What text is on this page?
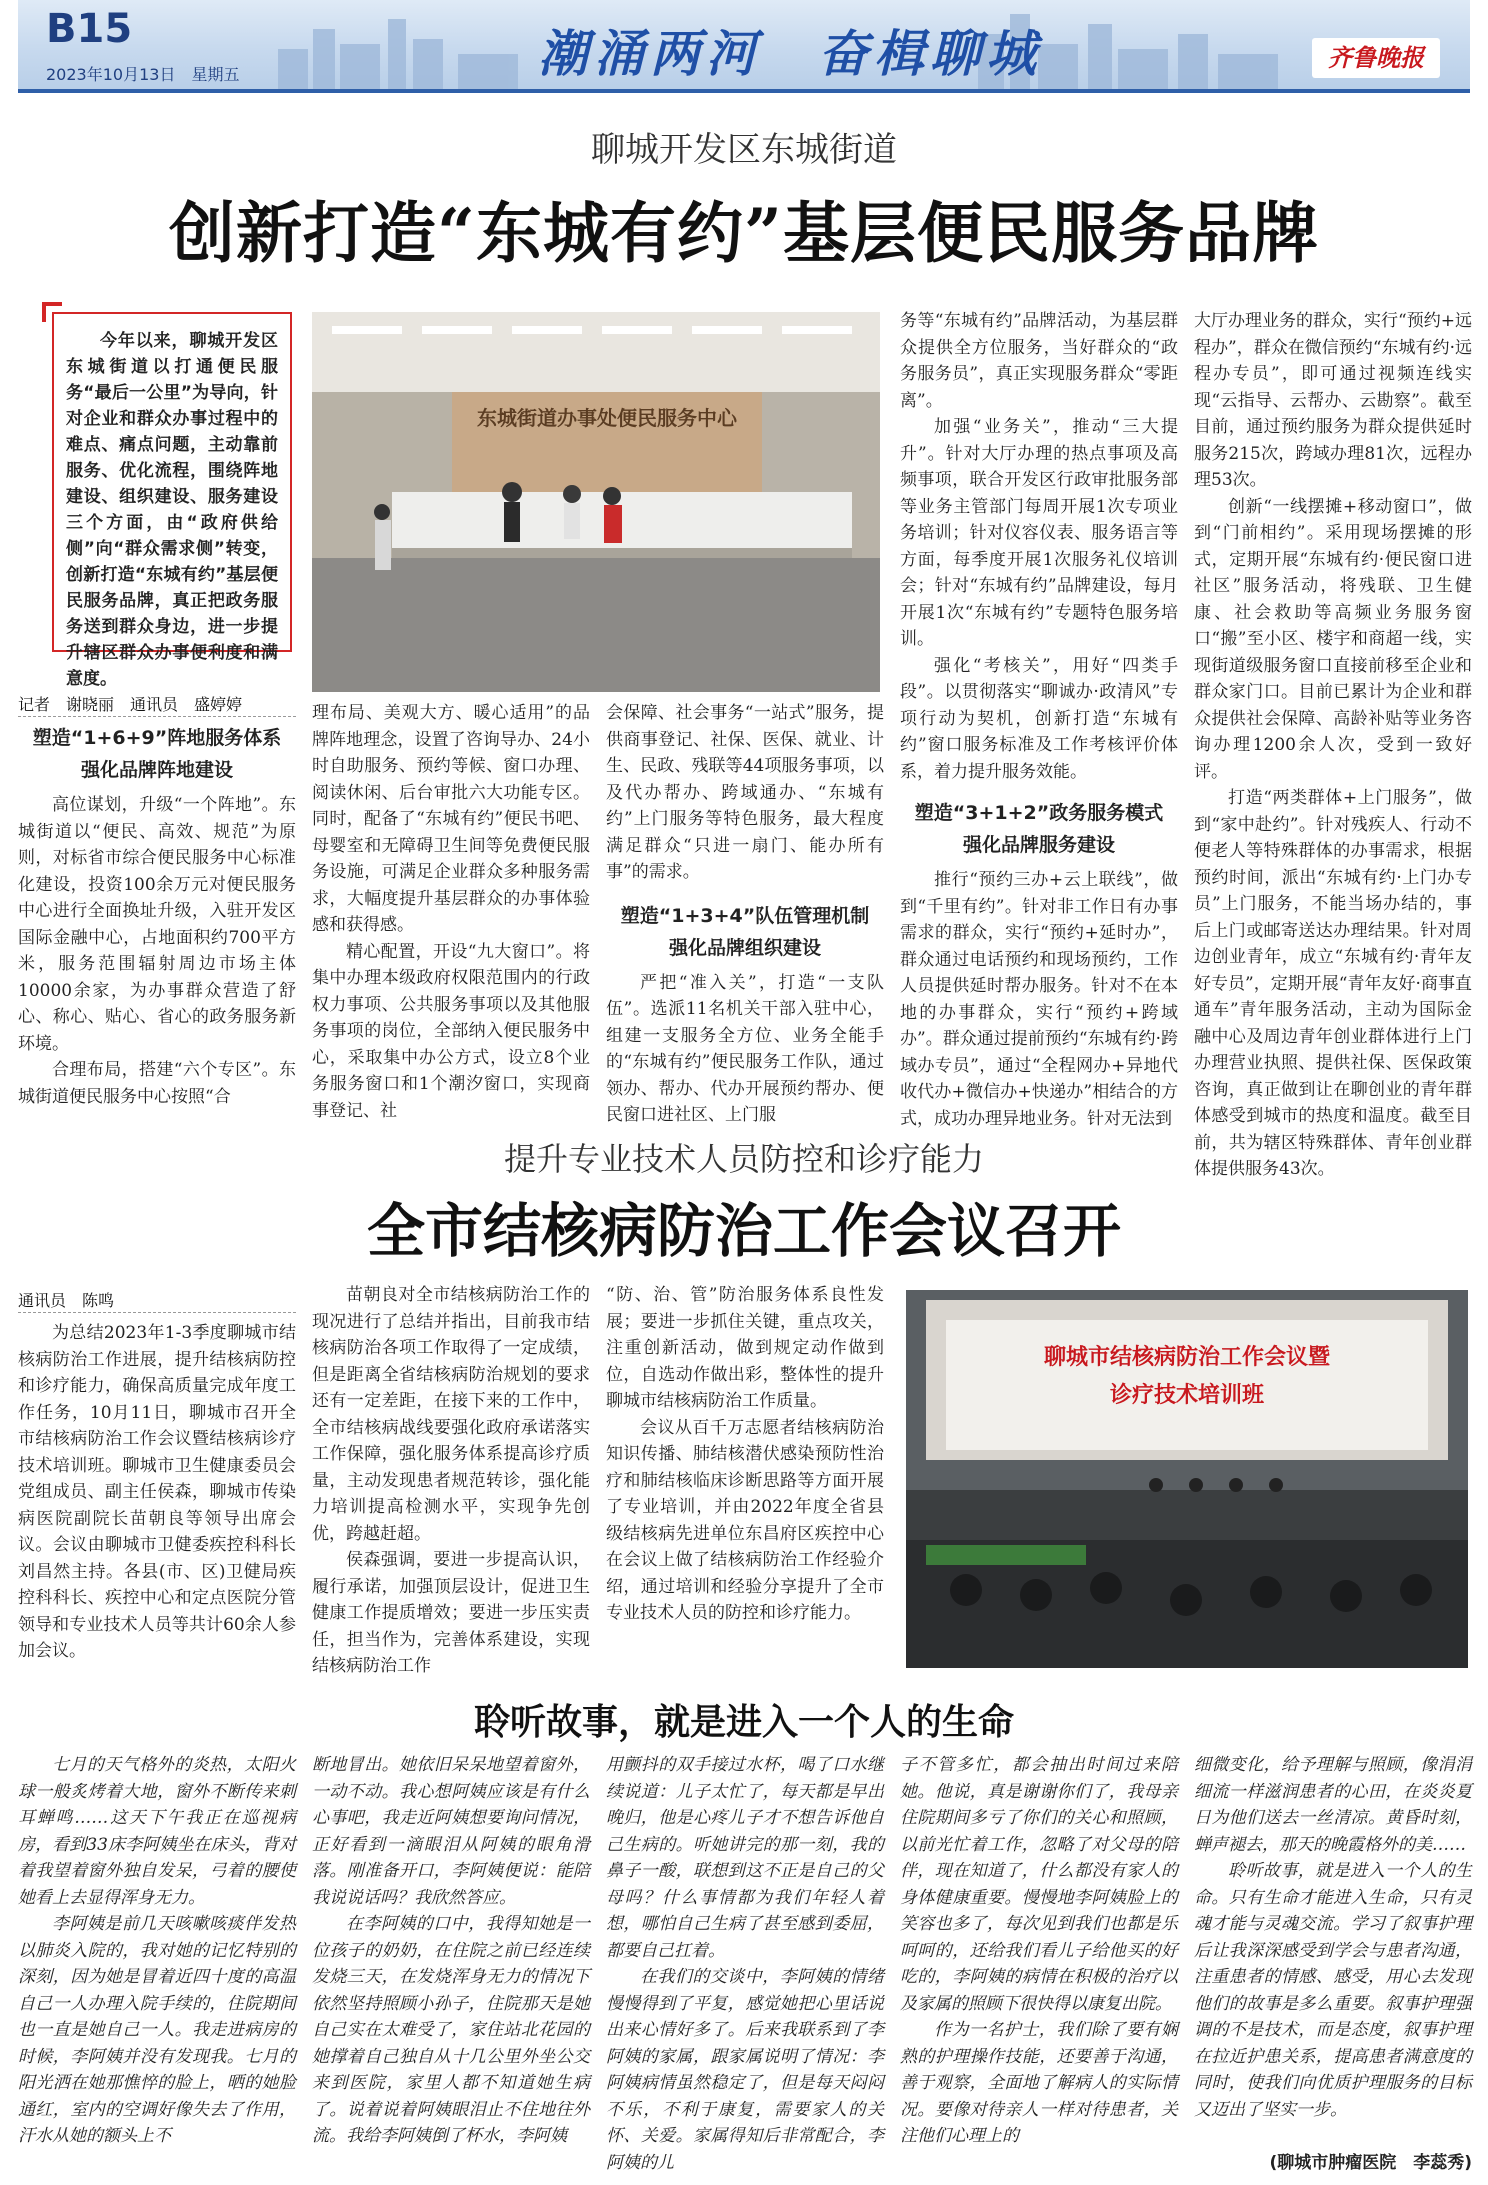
B15
2023年10月13日　星期五	潮涌两河　奋楫聊城	齐鲁晚报
聊城开发区东城街道
创新打造“东城有约”基层便民服务品牌

今年以来，聊城开发区东城街道以打通便民服务“最后一公里”为导向，针对企业和群众办事过程中的难点、痛点问题，主动靠前服务、优化流程，围绕阵地建设、组织建设、服务建设三个方面，由“政府供给侧”向“群众需求侧”转变，创新打造“东城有约”基层便民服务品牌，真正把政务服务送到群众身边，进一步提升辖区群众办事便利度和满意度。

东城街道办事处便民服务中心
记者　谢晓丽　通讯员　盛婷婷
塑造“1+6+9”阵地服务体系
强化品牌阵地建设

高位谋划，升级“一个阵地”。东城街道以“便民、高效、规范”为原则，对标省市综合便民服务中心标准化建设，投资100余万元对便民服务中心进行全面换址升级，入驻开发区国际金融中心，占地面积约700平方米，服务范围辐射周边市场主体10000余家，为办事群众营造了舒心、称心、贴心、省心的政务服务新环境。

合理布局，搭建“六个专区”。东城街道便民服务中心按照“合

理布局、美观大方、暖心适用”的品牌阵地理念，设置了咨询导办、24小时自助服务、预约等候、窗口办理、阅读休闲、后台审批六大功能专区。同时，配备了“东城有约”便民书吧、母婴室和无障碍卫生间等免费便民服务设施，可满足企业群众多种服务需求，大幅度提升基层群众的办事体验感和获得感。

精心配置，开设“九大窗口”。将集中办理本级政府权限范围内的行政权力事项、公共服务事项以及其他服务事项的岗位，全部纳入便民服务中心，采取集中办公方式，设立8个业务服务窗口和1个潮汐窗口，实现商事登记、社

会保障、社会事务“一站式”服务，提供商事登记、社保、医保、就业、计生、民政、残联等44项服务事项，以及代办帮办、跨域通办、“东城有约”上门服务等特色服务，最大程度满足群众“只进一扇门、能办所有事”的需求。

塑造“1+3+4”队伍管理机制
强化品牌组织建设

严把“准入关”，打造“一支队伍”。选派11名机关干部入驻中心，组建一支服务全方位、业务全能手的“东城有约”便民服务工作队，通过领办、帮办、代办开展预约帮办、便民窗口进社区、上门服

务等“东城有约”品牌活动，为基层群众提供全方位服务，当好群众的“政务服务员”，真正实现服务群众“零距离”。

加强“业务关”，推动“三大提升”。针对大厅办理的热点事项及高频事项，联合开发区行政审批服务部等业务主管部门每周开展1次专项业务培训；针对仪容仪表、服务语言等方面，每季度开展1次服务礼仪培训会；针对“东城有约”品牌建设，每月开展1次“东城有约”专题特色服务培训。

强化“考核关”，用好“四类手段”。以贯彻落实“聊诚办·政清风”专项行动为契机，创新打造“东城有约”窗口服务标准及工作考核评价体系，着力提升服务效能。

塑造“3+1+2”政务服务模式
强化品牌服务建设

推行“预约三办+云上联线”，做到“千里有约”。针对非工作日有办事需求的群众，实行“预约+延时办”，群众通过电话预约和现场预约，工作人员提供延时帮办服务。针对不在本地的办事群众，实行“预约+跨域办”。群众通过提前预约“东城有约·跨域办专员”，通过“全程网办+异地代收代办+微信办+快递办”相结合的方式，成功办理异地业务。针对无法到

大厅办理业务的群众，实行“预约+远程办”，群众在微信预约“东城有约·远程办专员”，即可通过视频连线实现“云指导、云帮办、云勘察”。截至目前，通过预约服务为群众提供延时服务215次，跨域办理81次，远程办理53次。

创新“一线摆摊+移动窗口”，做到“门前相约”。采用现场摆摊的形式，定期开展“东城有约·便民窗口进社区”服务活动，将残联、卫生健康、社会救助等高频业务服务窗口“搬”至小区、楼宇和商超一线，实现街道级服务窗口直接前移至企业和群众家门口。目前已累计为企业和群众提供社会保障、高龄补贴等业务咨询办理1200余人次，受到一致好评。

打造“两类群体+上门服务”，做到“家中赴约”。针对残疾人、行动不便老人等特殊群体的办事需求，根据预约时间，派出“东城有约·上门办专员”上门服务，不能当场办结的，事后上门或邮寄送达办理结果。针对周边创业青年，成立“东城有约·青年友好专员”，定期开展“青年友好·商事直通车”青年服务活动，主动为国际金融中心及周边青年创业群体进行上门办理营业执照、提供社保、医保政策咨询，真正做到让在聊创业的青年群体感受到城市的热度和温度。截至目前，共为辖区特殊群体、青年创业群体提供服务43次。

提升专业技术人员防控和诊疗能力
全市结核病防治工作会议召开
通讯员　陈鸣

为总结2023年1-3季度聊城市结核病防治工作进展，提升结核病防控和诊疗能力，确保高质量完成年度工作任务，10月11日，聊城市召开全市结核病防治工作会议暨结核病诊疗技术培训班。聊城市卫生健康委员会党组成员、副主任侯森，聊城市传染病医院副院长苗朝良等领导出席会议。会议由聊城市卫健委疾控科科长刘昌然主持。各县(市、区)卫健局疾控科科长、疾控中心和定点医院分管领导和专业技术人员等共计60余人参加会议。

苗朝良对全市结核病防治工作的现况进行了总结并指出，目前我市结核病防治各项工作取得了一定成绩，但是距离全省结核病防治规划的要求还有一定差距，在接下来的工作中，全市结核病战线要强化政府承诺落实工作保障，强化服务体系提高诊疗质量，主动发现患者规范转诊，强化能力培训提高检测水平，实现争先创优，跨越赶超。

侯森强调，要进一步提高认识，履行承诺，加强顶层设计，促进卫生健康工作提质增效；要进一步压实责任，担当作为，完善体系建设，实现结核病防治工作

“防、治、管”防治服务体系良性发展；要进一步抓住关键，重点攻关，注重创新活动，做到规定动作做到位，自选动作做出彩，整体性的提升聊城市结核病防治工作质量。

会议从百千万志愿者结核病防治知识传播、肺结核潜伏感染预防性治疗和肺结核临床诊断思路等方面开展了专业培训，并由2022年度全省县级结核病先进单位东昌府区疾控中心在会议上做了结核病防治工作经验介绍，通过培训和经验分享提升了全市专业技术人员的防控和诊疗能力。

聊城市结核病防治工作会议暨
诊疗技术培训班
聆听故事，就是进入一个人的生命

七月的天气格外的炎热，太阳火球一般炙烤着大地，窗外不断传来刺耳蝉鸣……这天下午我正在巡视病房，看到33床李阿姨坐在床头，背对着我望着窗外独自发呆，弓着的腰使她看上去显得浑身无力。

李阿姨是前几天咳嗽咳痰伴发热以肺炎入院的，我对她的记忆特别的深刻，因为她是冒着近四十度的高温自己一人办理入院手续的，住院期间也一直是她自己一人。我走进病房的时候，李阿姨并没有发现我。七月的阳光洒在她那憔悴的脸上，晒的她脸通红，室内的空调好像失去了作用，汗水从她的额头上不

断地冒出。她依旧呆呆地望着窗外，一动不动。我心想阿姨应该是有什么心事吧，我走近阿姨想要询问情况，正好看到一滴眼泪从阿姨的眼角滑落。刚准备开口，李阿姨便说：能陪我说说话吗？我欣然答应。

在李阿姨的口中，我得知她是一位孩子的奶奶，在住院之前已经连续发烧三天，在发烧浑身无力的情况下依然坚持照顾小孙子，住院那天是她自己实在太难受了，家住站北花园的她撑着自己独自从十几公里外坐公交来到医院，家里人都不知道她生病了。说着说着阿姨眼泪止不住地往外流。我给李阿姨倒了杯水，李阿姨

用颤抖的双手接过水杯，喝了口水继续说道：儿子太忙了，每天都是早出晚归，他是心疼儿子才不想告诉他自己生病的。听她讲完的那一刻，我的鼻子一酸，联想到这不正是自己的父母吗？什么事情都为我们年轻人着想，哪怕自己生病了甚至感到委屈，都要自己扛着。

在我们的交谈中，李阿姨的情绪慢慢得到了平复，感觉她把心里话说出来心情好多了。后来我联系到了李阿姨的家属，跟家属说明了情况：李阿姨病情虽然稳定了，但是每天闷闷不乐，不利于康复，需要家人的关怀、关爱。家属得知后非常配合，李阿姨的儿

子不管多忙，都会抽出时间过来陪她。他说，真是谢谢你们了，我母亲住院期间多亏了你们的关心和照顾，以前光忙着工作，忽略了对父母的陪伴，现在知道了，什么都没有家人的身体健康重要。慢慢地李阿姨脸上的笑容也多了，每次见到我们也都是乐呵呵的，还给我们看儿子给他买的好吃的，李阿姨的病情在积极的治疗以及家属的照顾下很快得以康复出院。

作为一名护士，我们除了要有娴熟的护理操作技能，还要善于沟通，善于观察，全面地了解病人的实际情况。要像对待亲人一样对待患者，关注他们心理上的

细微变化，给予理解与照顾，像涓涓细流一样滋润患者的心田，在炎炎夏日为他们送去一丝清凉。黄昏时刻，蝉声褪去，那天的晚霞格外的美……

聆听故事，就是进入一个人的生命。只有生命才能进入生命，只有灵魂才能与灵魂交流。学习了叙事护理后让我深深感受到学会与患者沟通，注重患者的情感、感受，用心去发现他们的故事是多么重要。叙事护理强调的不是技术，而是态度，叙事护理在拉近护患关系，提高患者满意度的同时，使我们向优质护理服务的目标又迈出了坚实一步。

(聊城市肿瘤医院　李蕊秀)
